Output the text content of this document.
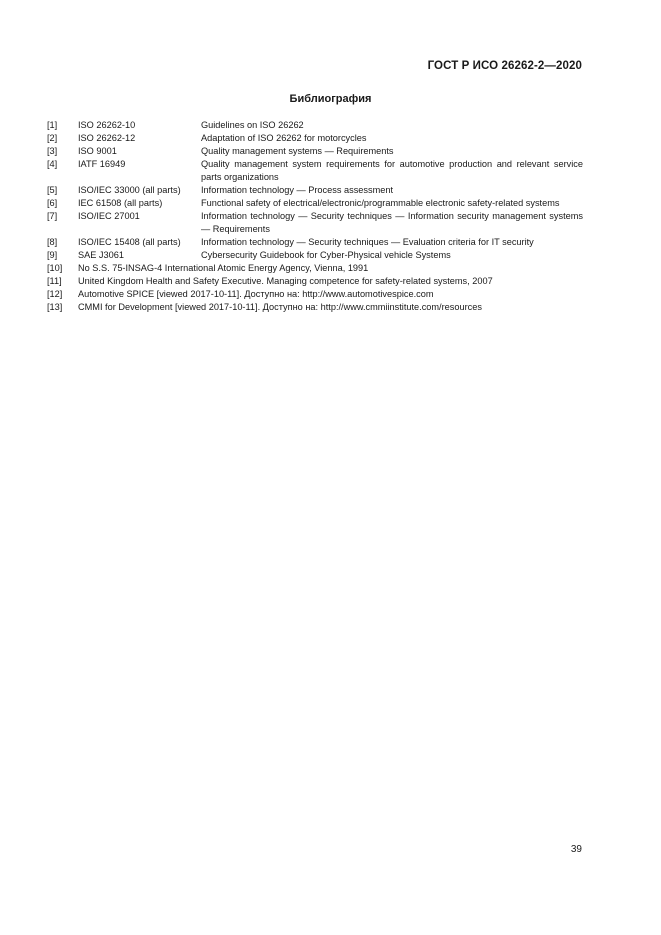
ГОСТ Р ИСО 26262-2—2020
Библиография
[1]	ISO 26262-10	Guidelines on ISO 26262
[2]	ISO 26262-12	Adaptation of ISO 26262 for motorcycles
[3]	ISO 9001	Quality management systems — Requirements
[4]	IATF 16949	Quality management system requirements for automotive production and relevant service parts organizations
[5]	ISO/IEC 33000 (all parts)	Information technology — Process assessment
[6]	IEC 61508 (all parts)	Functional safety of electrical/electronic/programmable electronic safety-related systems
[7]	ISO/IEC 27001	Information technology — Security techniques — Information security management systems — Requirements
[8]	ISO/IEC 15408 (all parts)	Information technology — Security techniques — Evaluation criteria for IT security
[9]	SAE J3061	Cybersecurity Guidebook for Cyber-Physical vehicle Systems
[10]	No S.S. 75-INSAG-4 International Atomic Energy Agency, Vienna, 1991
[11]	United Kingdom Health and Safety Executive. Managing competence for safety-related systems, 2007
[12]	Automotive SPICE [viewed 2017-10-11]. Доступно на: http://www.automotivespice.com
[13]	CMMI for Development [viewed 2017-10-11]. Доступно на: http://www.cmmiinstitute.com/resources
39
